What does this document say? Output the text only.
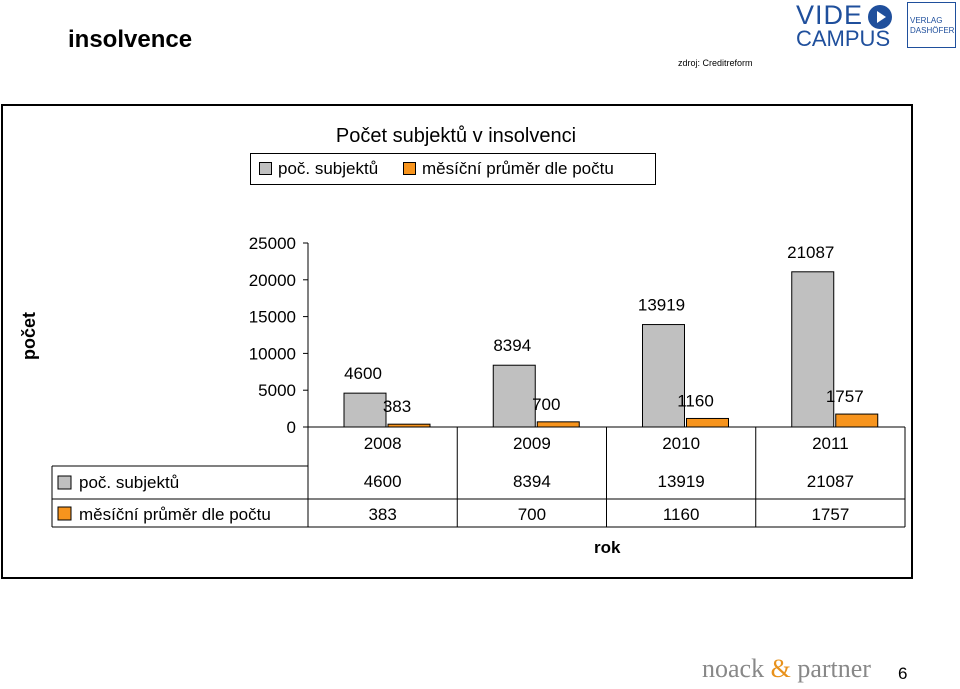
insolvence
zdroj: Creditreform
VIDE
CAMPUS
VERLAG
DASHÖFER
Počet subjektů v insolvenci
poč. subjektů	měsíční průměr dle počtu
počet
rok
25000
20000
15000
10000
5000
0
4600
383
2008
4600
383
8394
700
2009
8394
700
13919
1160
2010
13919
1160
21087
1757
2011
21087
1757
poč. subjektů
měsíční průměr dle počtu
noack & partner 6
